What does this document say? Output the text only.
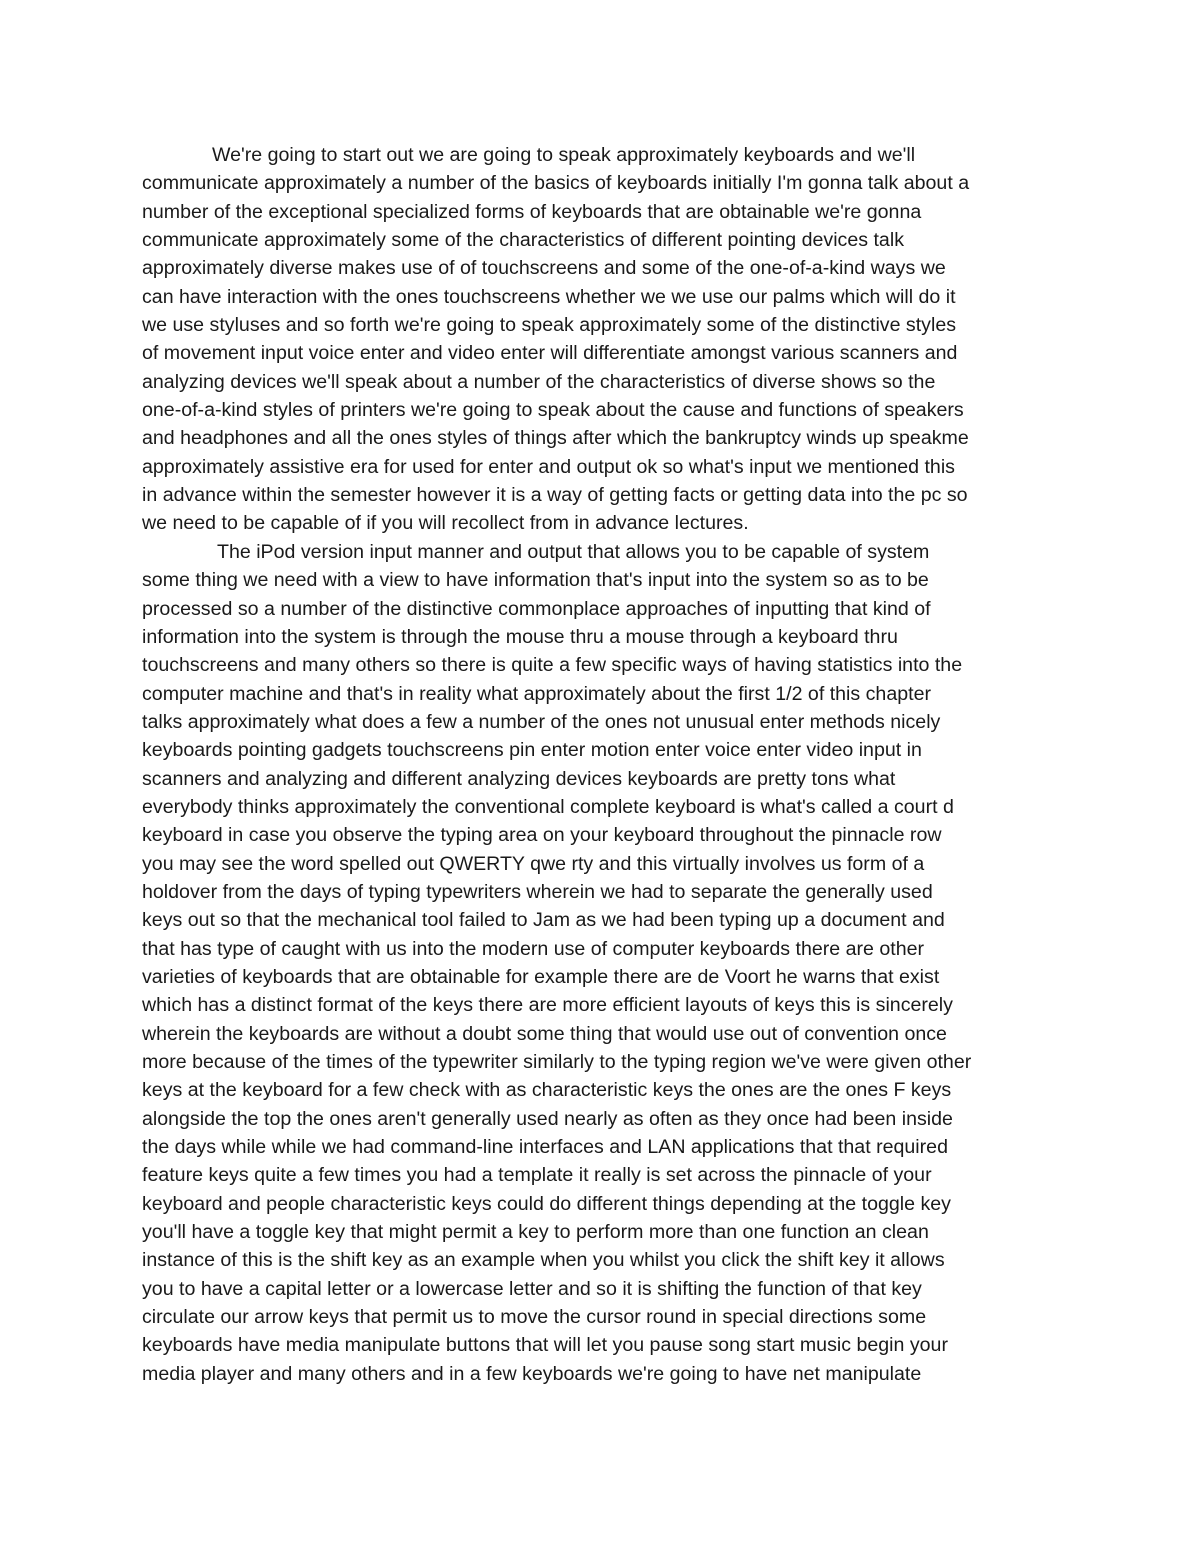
We're going to start out we are going to speak approximately keyboards and we'll
communicate approximately a number of the basics of keyboards initially I'm gonna talk about a
number of the exceptional specialized forms of keyboards that are obtainable we're gonna
communicate approximately some of the characteristics of different pointing devices talk
approximately diverse makes use of of touchscreens and some of the one-of-a-kind ways we
can have interaction with the ones touchscreens whether we we use our palms which will do it
we use styluses and so forth we're going to speak approximately some of the distinctive styles
of movement input voice enter and video enter will differentiate amongst various scanners and
analyzing devices we'll speak about a number of the characteristics of diverse shows so the
one-of-a-kind styles of printers we're going to speak about the cause and functions of speakers
and headphones and all the ones styles of things after which the bankruptcy winds up speakme
approximately assistive era for used for enter and output ok so what's input we mentioned this
in advance within the semester however it is a way of getting facts or getting data into the pc so
we need to be capable of if you will recollect from in advance lectures.
The iPod version input manner and output that allows you to be capable of system
some thing we need with a view to have information that's input into the system so as to be
processed so a number of the distinctive commonplace approaches of inputting that kind of
information into the system is through the mouse thru a mouse through a keyboard thru
touchscreens and many others so there is quite a few specific ways of having statistics into the
computer machine and that's in reality what approximately about the first 1/2 of this chapter
talks approximately what does a few a number of the ones not unusual enter methods nicely
keyboards pointing gadgets touchscreens pin enter motion enter voice enter video input in
scanners and analyzing and different analyzing devices keyboards are pretty tons what
everybody thinks approximately the conventional complete keyboard is what's called a court d
keyboard in case you observe the typing area on your keyboard throughout the pinnacle row
you may see the word spelled out QWERTY qwe rty and this virtually involves us form of a
holdover from the days of typing typewriters wherein we had to separate the generally used
keys out so that the mechanical tool failed to Jam as we had been typing up a document and
that has type of caught with us into the modern use of computer keyboards there are other
varieties of keyboards that are obtainable for example there are de Voort he warns that exist
which has a distinct format of the keys there are more efficient layouts of keys this is sincerely
wherein the keyboards are without a doubt some thing that would use out of convention once
more because of the times of the typewriter similarly to the typing region we've were given other
keys at the keyboard for a few check with as characteristic keys the ones are the ones F keys
alongside the top the ones aren't generally used nearly as often as they once had been inside
the days while while we had command-line interfaces and LAN applications that that required
feature keys quite a few times you had a template it really is set across the pinnacle of your
keyboard and people characteristic keys could do different things depending at the toggle key
you'll have a toggle key that might permit a key to perform more than one function an clean
instance of this is the shift key as an example when you whilst you click the shift key it allows
you to have a capital letter or a lowercase letter and so it is shifting the function of that key
circulate our arrow keys that permit us to move the cursor round in special directions some
keyboards have media manipulate buttons that will let you pause song start music begin your
media player and many others and in a few keyboards we're going to have net manipulate
